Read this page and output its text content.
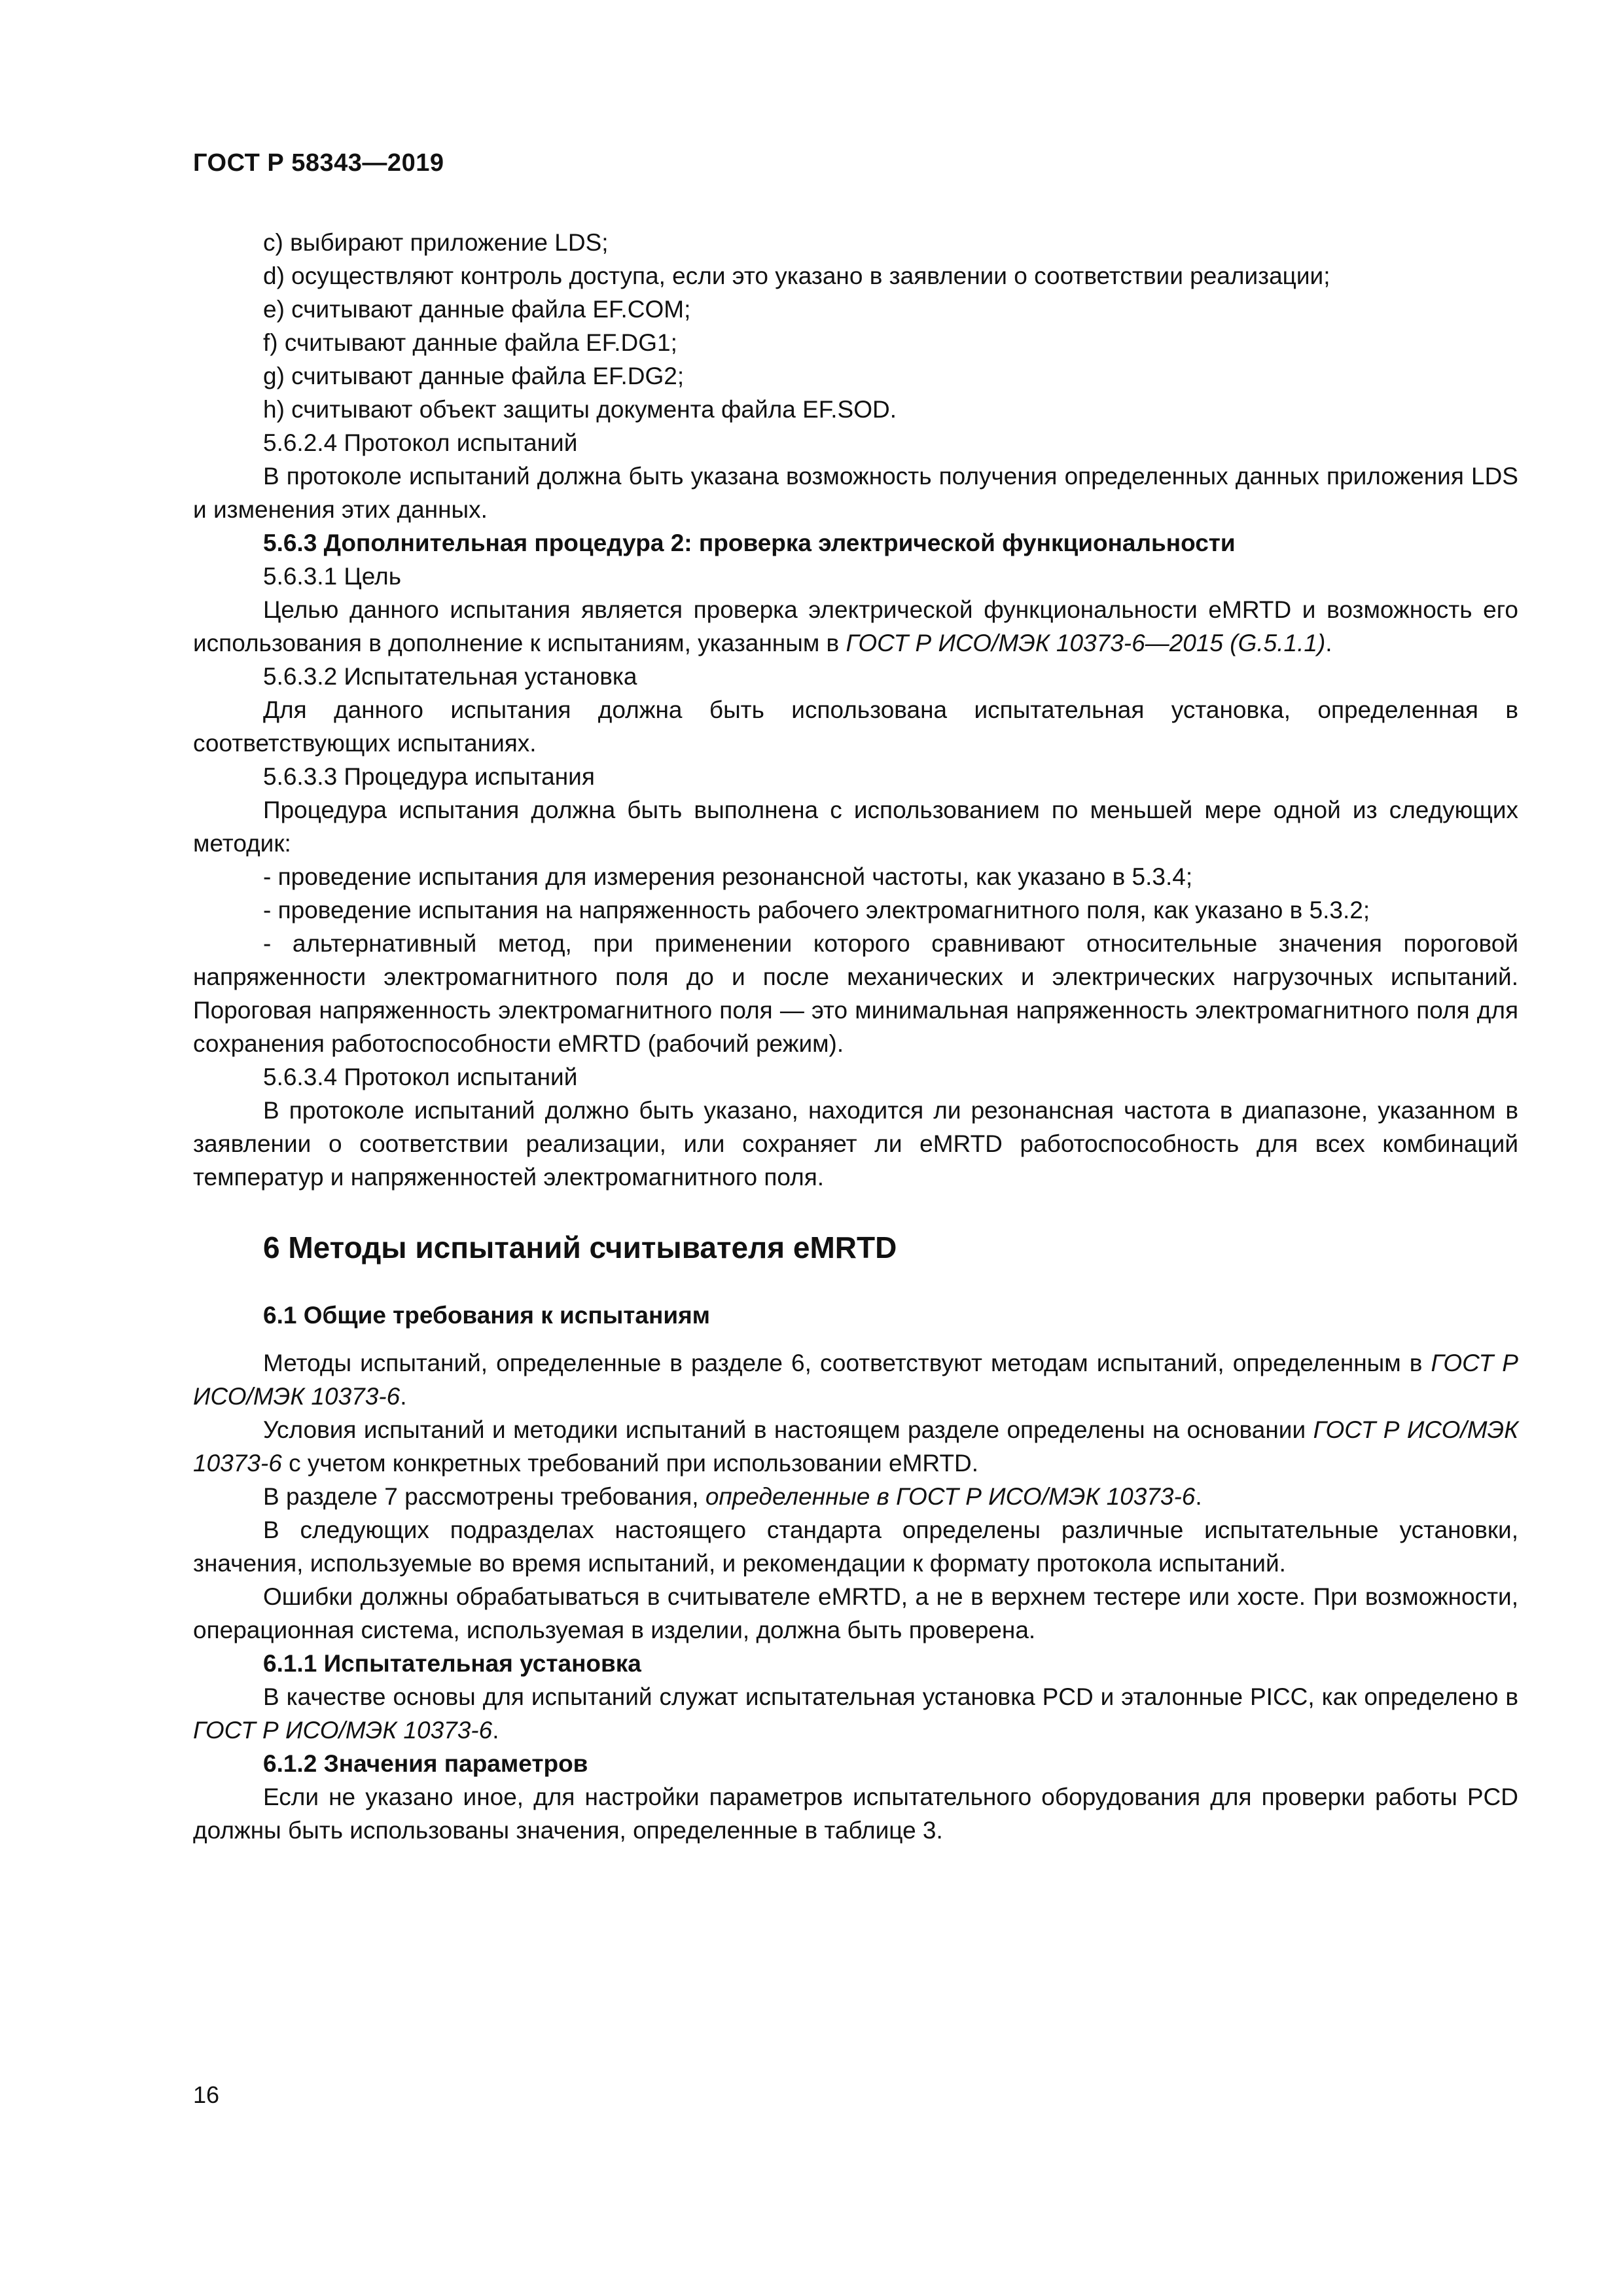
ГОСТ Р 58343—2019

c) выбирают приложение LDS;

d) осуществляют контроль доступа, если это указано в заявлении о соответствии реализации;

e) считывают данные файла EF.COM;

f) считывают данные файла EF.DG1;

g) считывают данные файла EF.DG2;

h) считывают объект защиты документа файла EF.SOD.

5.6.2.4 Протокол испытаний

В протоколе испытаний должна быть указана возможность получения определенных данных приложения LDS и изменения этих данных.

5.6.3 Дополнительная процедура 2: проверка электрической функциональности

5.6.3.1 Цель

Целью данного испытания является проверка электрической функциональности eMRTD и возможность его использования в дополнение к испытаниям, указанным в ГОСТ Р ИСО/МЭК 10373-6—2015 (G.5.1.1).

5.6.3.2 Испытательная установка

Для данного испытания должна быть использована испытательная установка, определенная в соответствующих испытаниях.

5.6.3.3 Процедура испытания

Процедура испытания должна быть выполнена с использованием по меньшей мере одной из следующих методик:

- проведение испытания для измерения резонансной частоты, как указано в 5.3.4;

- проведение испытания на напряженность рабочего электромагнитного поля, как указано в 5.3.2;

- альтернативный метод, при применении которого сравнивают относительные значения пороговой напряженности электромагнитного поля до и после механических и электрических нагрузочных испытаний. Пороговая напряженность электромагнитного поля — это минимальная напряженность электромагнитного поля для сохранения работоспособности eMRTD (рабочий режим).

5.6.3.4 Протокол испытаний

В протоколе испытаний должно быть указано, находится ли резонансная частота в диапазоне, указанном в заявлении о соответствии реализации, или сохраняет ли eMRTD работоспособность для всех комбинаций температур и напряженностей электромагнитного поля.

6 Методы испытаний считывателя eMRTD
6.1 Общие требования к испытаниям

Методы испытаний, определенные в разделе 6, соответствуют методам испытаний, определенным в ГОСТ Р ИСО/МЭК 10373-6.

Условия испытаний и методики испытаний в настоящем разделе определены на основании ГОСТ Р ИСО/МЭК 10373-6 с учетом конкретных требований при использовании eMRTD.

В разделе 7 рассмотрены требования, определенные в ГОСТ Р ИСО/МЭК 10373-6.

В следующих подразделах настоящего стандарта определены различные испытательные установки, значения, используемые во время испытаний, и рекомендации к формату протокола испытаний.

Ошибки должны обрабатываться в считывателе eMRTD, а не в верхнем тестере или хосте. При возможности, операционная система, используемая в изделии, должна быть проверена.

6.1.1 Испытательная установка

В качестве основы для испытаний служат испытательная установка PCD и эталонные PICC, как определено в ГОСТ Р ИСО/МЭК 10373-6.

6.1.2 Значения параметров

Если не указано иное, для настройки параметров испытательного оборудования для проверки работы PCD должны быть использованы значения, определенные в таблице 3.

16
